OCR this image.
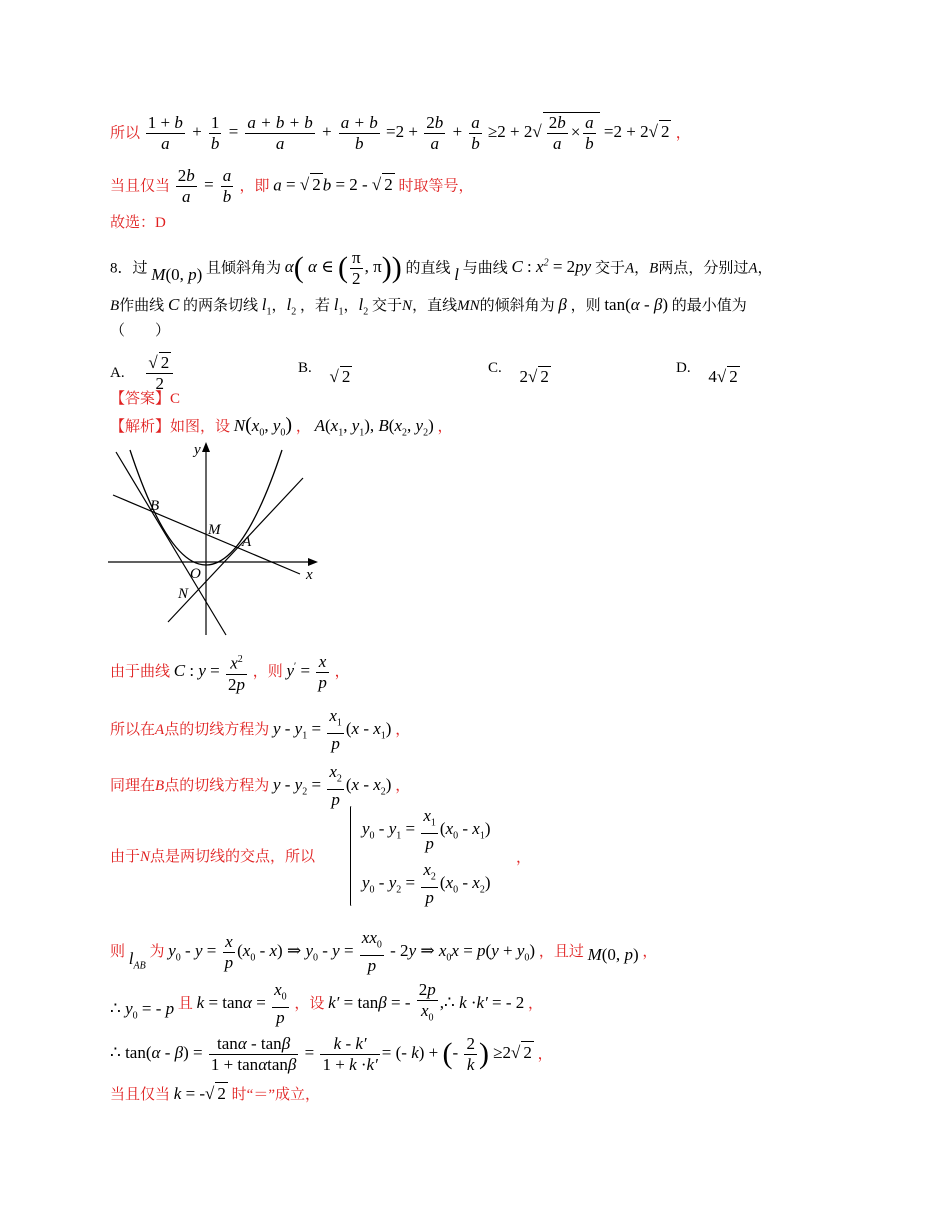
所以 $\frac{1 + b}{a} + \frac{1}{b} = \frac{a + b + b}{a} + \frac{a + b}{b} =2 + \frac{2b}{a} + \frac{a}{b} \ge 2 + 2√ \frac{2b}{a} \times \frac{a}{b} =2 + 2√$ 2 ，
当且仅当 $\frac{2b}{a} = \frac{a}{b}$ ，即 a = √ 2 b = 2 - √ 2 时取等号，
故选：D
8．过 M(0, p) 且倾斜角为 α( α ∈ ( $\frac{\pi}{2}$ , π)) 的直线 l 与曲线 C : $x^2 = 2py$ 交于A，B两点，分别过A，
B作曲线 C 的两条切线 $l_1$，$l_2$ ，若 $l_1$，$l_2$ 交于N，直线MN的倾斜角为 β ，则 tan(α - β) 的最小值为
（　　）
A. $\frac{√ 2}{2}$	B. √ 2	C. 2√ 2	D. 4√ 2
【答案】C
【解析】如图，设 $N(x_0$, $y_0$) ， $A(x_1$, $y_1$), $B(x_2$, $y_2$) ，
y
x
B
M
A
O
N
由于曲线 C : $y = \frac{x^2}{2p}$ ，则 $y' = \frac{x}{p}$ ，
所以在A点的切线方程为 $y - y_1 = \frac{x_1}{p} (x - x_1)$ ，
同理在B点的切线方程为 $y - y_2 = \frac{x_2}{p} (x - x_2)$ ，
由于N点是两切线的交点，所以
$y_0 - y_1 = \frac{x_1}{p} (x_0 - x_1)$
$y_0 - y_2 = \frac{x_2}{p} (x_0 - x_2)$
，
则 $l_{AB}$ 为 $y_0 - y = \frac{x}{p} (x_0 - x)$ ⇒ $y_0 - y = \frac{xx_0}{p} - 2y$ ⇒ $x_0x = p(y + y_0)$ ，且过 M(0, p) ，
∴ $y_0$ = - p 且 $k = \tan\alpha = \frac{x_0}{p}$ ，设 k′ = tanβ = - $\frac{2p}{x_0}$ ,∴ k ·k′ = - 2 ，
∴ $\tan(\alpha - \beta) = \frac{\tan\alpha - \tan\beta}{1 + \tan\alpha\tan\beta} = \frac{k - k'}{1 + k \cdot k'}$ = (- k) + (- $\frac{2}{k}$ ) ≥2√ 2 ，
当且仅当 k = -√ 2 时“＝”成立，
